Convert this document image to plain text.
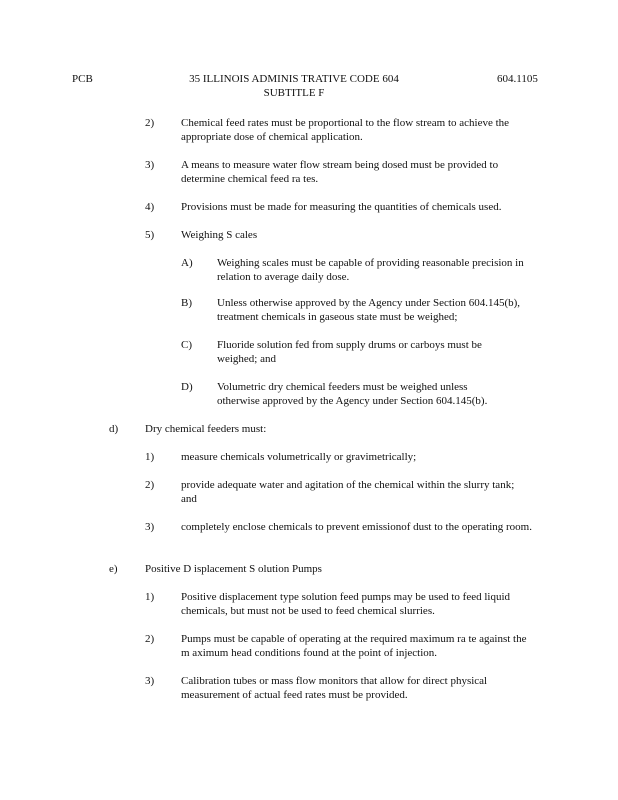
PCB	35 ILLINOIS ADMINIS TRATIVE CODE 604
SUBTITLE F
604.1105
2) Chemical feed rates must be proportional to the flow stream to achieve the appropriate dose of chemical application.
3) A means to measure water flow stream being dosed must be provided to determine chemical feed ra tes.
4) Provisions must be made for measuring the quantities of chemicals used.
5) Weighing S cales
A) Weighing scales must be capable of providing reasonable precision in relation to average daily dose.
B) Unless otherwise approved by the Agency under Section 604.145(b), treatment chemicals in gaseous state must be weighed;
C) Fluoride solution fed from supply drums or carboys must be weighed; and
D) Volumetric dry chemical feeders must be weighed unless otherwise approved by the Agency under Section 604.145(b).
d) Dry chemical feeders must:
1) measure chemicals volumetrically or gravimetrically;
2) provide adequate water and agitation of the chemical within the slurry tank; and
3) completely enclose chemicals to prevent emissionof dust to the operating room.
e) Positive D isplacement S olution Pumps
1) Positive displacement type solution feed pumps may be used to feed liquid chemicals, but must not be used to feed chemical slurries.
2) Pumps must be capable of operating at the required maximum ra te against the m aximum head conditions found at the point of injection.
3) Calibration tubes or mass flow monitors that allow for direct physical measurement of actual feed rates must be provided.
